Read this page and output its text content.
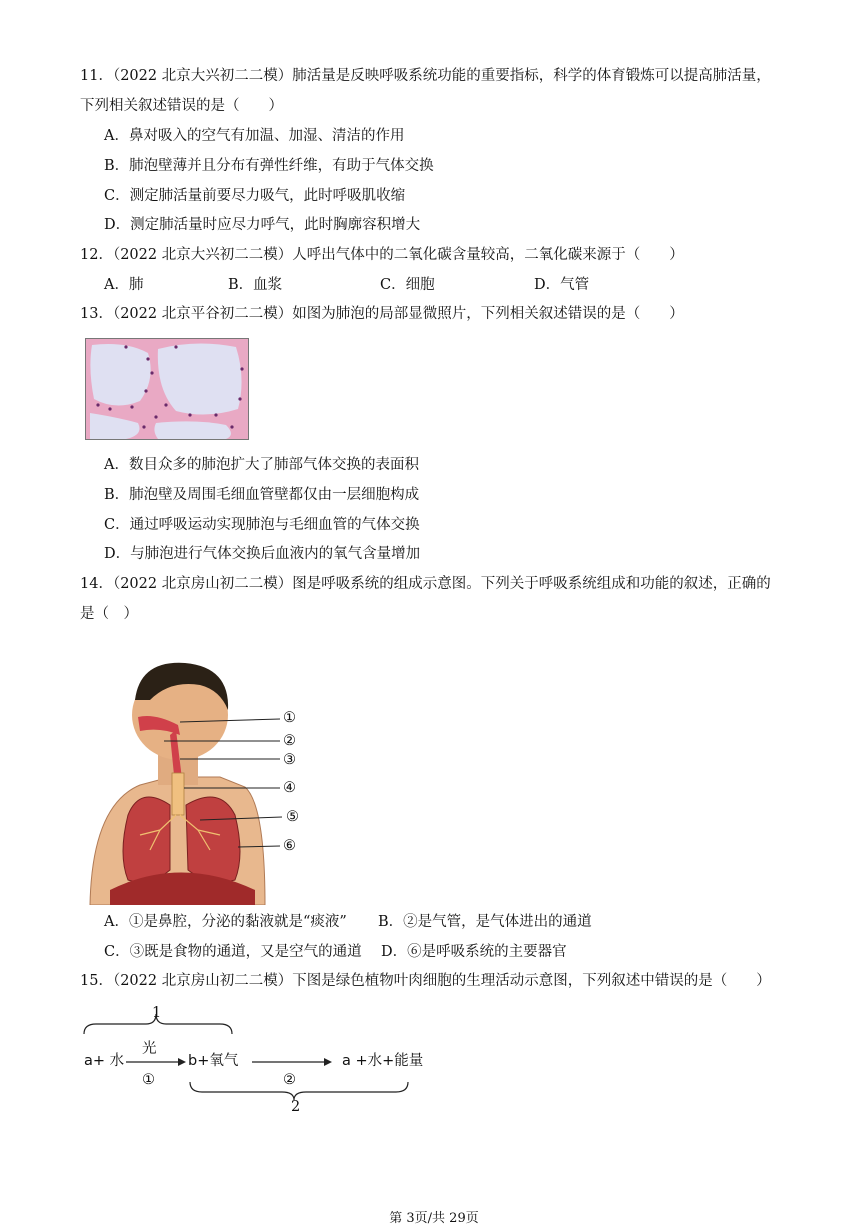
11．（2022 北京大兴初二二模）肺活量是反映呼吸系统功能的重要指标，科学的体育锻炼可以提高肺活量，
下列相关叙述错误的是（　　）
A．鼻对吸入的空气有加温、加湿、清洁的作用
B．肺泡壁薄并且分布有弹性纤维，有助于气体交换
C．测定肺活量前要尽力吸气，此时呼吸肌收缩
D．测定肺活量时应尽力呼气，此时胸廓容积增大
12．（2022 北京大兴初二二模）人呼出气体中的二氧化碳含量较高，二氧化碳来源于（　　）
A．肺	B．血浆	C．细胞	D．气管
13．（2022 北京平谷初二二模）如图为肺泡的局部显微照片，下列相关叙述错误的是（　　）
A．数目众多的肺泡扩大了肺部气体交换的表面积
B．肺泡壁及周围毛细血管壁都仅由一层细胞构成
C．通过呼吸运动实现肺泡与毛细血管的气体交换
D．与肺泡进行气体交换后血液内的氧气含量增加
14．（2022 北京房山初二二模）图是呼吸系统的组成示意图。下列关于呼吸系统组成和功能的叙述，正确的
是（　）
①
②
③
④
⑤
⑥
A．①是鼻腔，分泌的黏液就是“痰液” B．②是气管，是气体进出的通道
C．③既是食物的通道，又是空气的通道 D．⑥是呼吸系统的主要器官
15．（2022 北京房山初二二模）下图是绿色植物叶肉细胞的生理活动示意图，下列叙述中错误的是（　　）
1
a+ 水
光
①
b+氧气
②
a +水+能量
2
第 3页/共 29页
